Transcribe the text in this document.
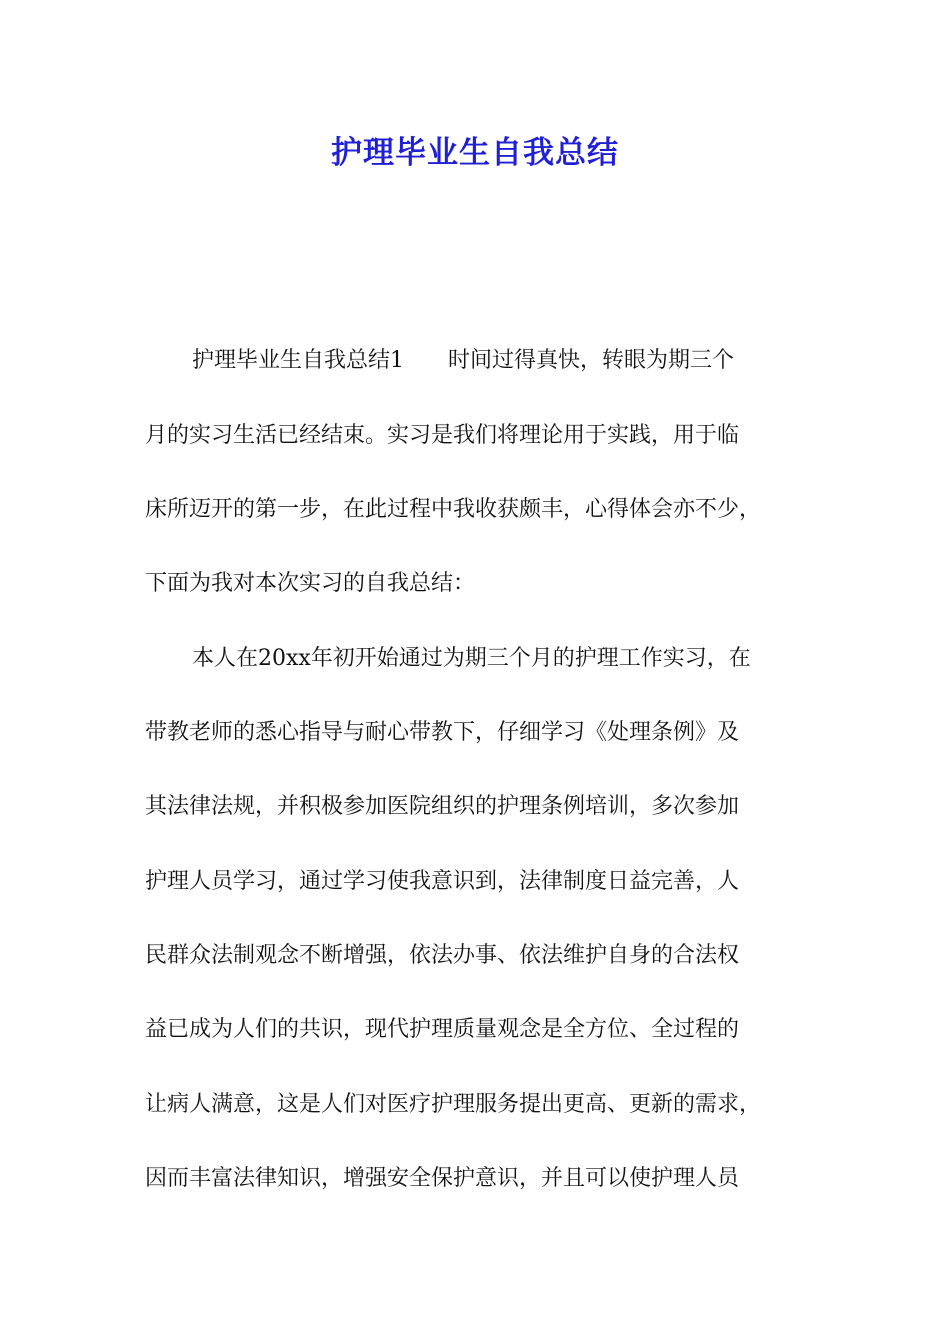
护理毕业生自我总结
护理毕业生自我总结1　　时间过得真快，转眼为期三个
月的实习生活已经结束。实习是我们将理论用于实践，用于临
床所迈开的第一步，在此过程中我收获颇丰，心得体会亦不少，
下面为我对本次实习的自我总结：
本人在20xx年初开始通过为期三个月的护理工作实习，在
带教老师的悉心指导与耐心带教下，仔细学习《处理条例》及
其法律法规，并积极参加医院组织的护理条例培训，多次参加
护理人员学习，通过学习使我意识到，法律制度日益完善，人
民群众法制观念不断增强，依法办事、依法维护自身的合法权
益已成为人们的共识，现代护理质量观念是全方位、全过程的
让病人满意，这是人们对医疗护理服务提出更高、更新的需求，
因而丰富法律知识，增强安全保护意识，并且可以使护理人员
